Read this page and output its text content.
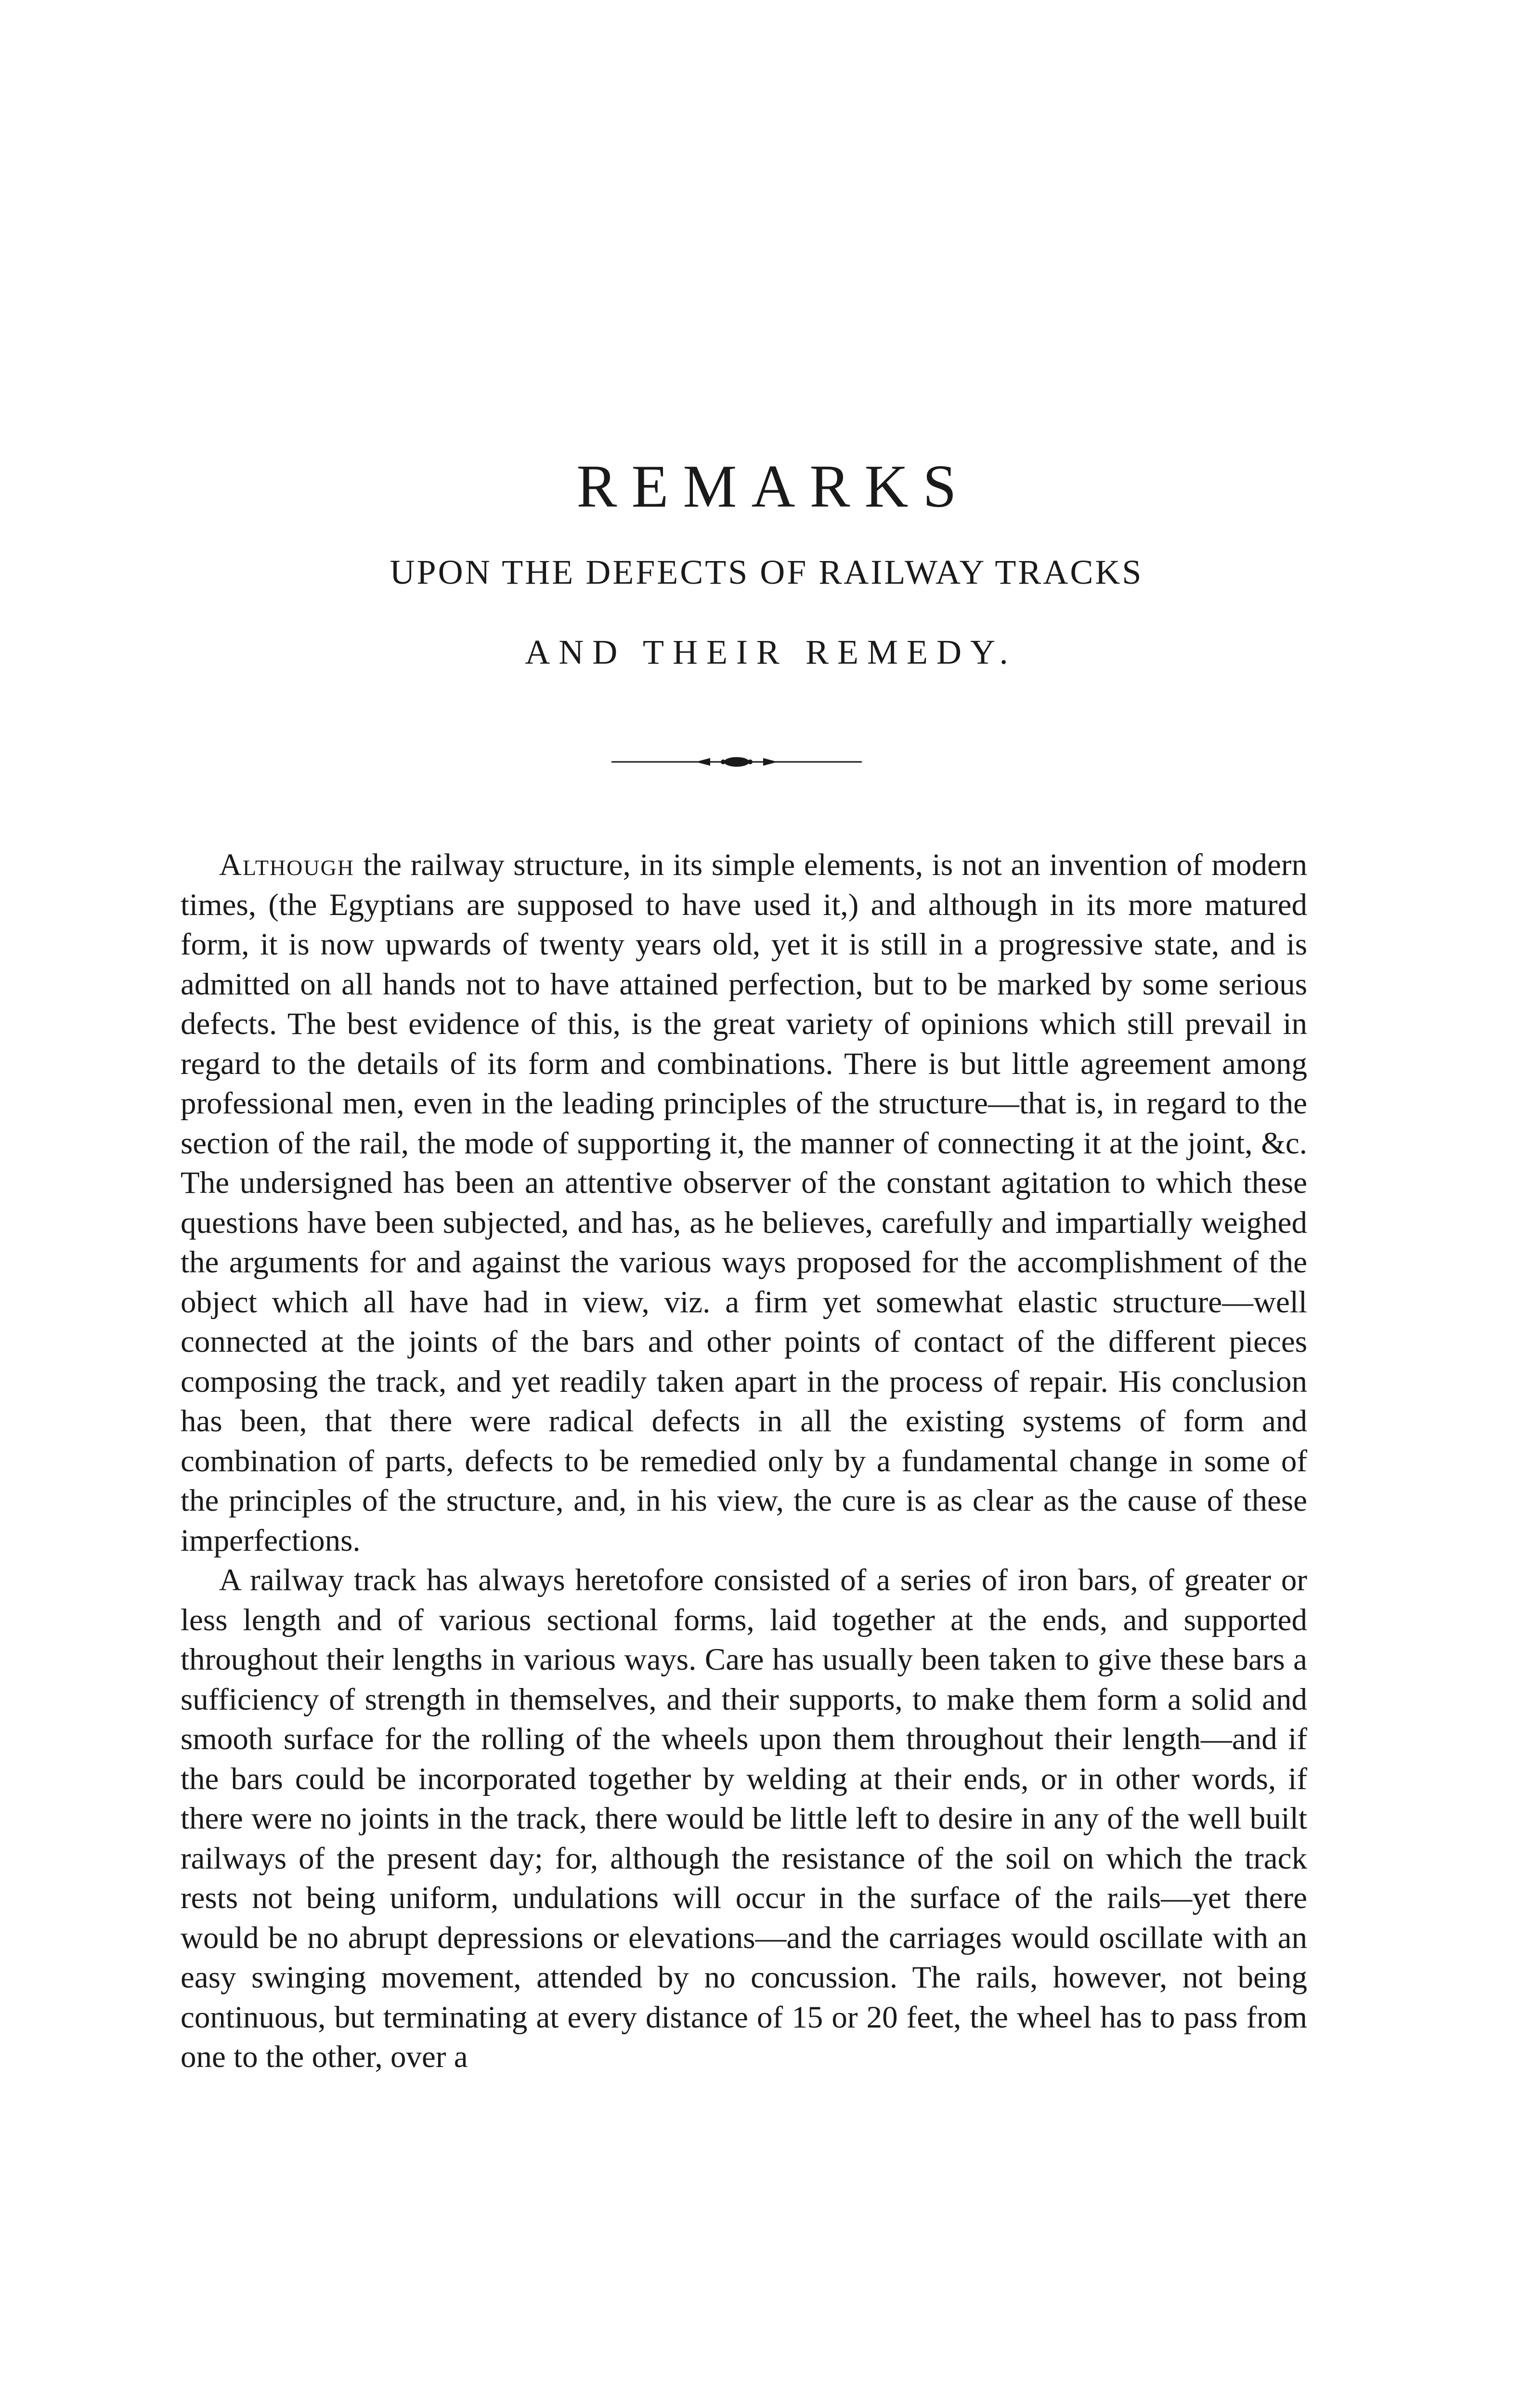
REMARKS
UPON THE DEFECTS OF RAILWAY TRACKS
AND THEIR REMEDY.

Although the railway structure, in its simple elements, is not an invention of modern times, (the Egyptians are supposed to have used it,) and although in its more matured form, it is now upwards of twenty years old, yet it is still in a progressive state, and is admitted on all hands not to have attained perfection, but to be marked by some serious defects. The best evidence of this, is the great variety of opinions which still prevail in regard to the details of its form and combinations. There is but little agreement among professional men, even in the leading principles of the structure—that is, in regard to the section of the rail, the mode of supporting it, the manner of connecting it at the joint, &c. The undersigned has been an attentive observer of the constant agitation to which these questions have been subjected, and has, as he believes, carefully and impartially weighed the arguments for and against the various ways proposed for the accomplishment of the object which all have had in view, viz. a firm yet somewhat elastic structure—well connected at the joints of the bars and other points of contact of the different pieces composing the track, and yet readily taken apart in the process of repair. His conclusion has been, that there were radical defects in all the existing systems of form and combination of parts, defects to be remedied only by a fundamental change in some of the principles of the structure, and, in his view, the cure is as clear as the cause of these imperfections.

A railway track has always heretofore consisted of a series of iron bars, of greater or less length and of various sectional forms, laid together at the ends, and supported throughout their lengths in various ways. Care has usually been taken to give these bars a sufficiency of strength in themselves, and their supports, to make them form a solid and smooth surface for the rolling of the wheels upon them throughout their length—and if the bars could be incorporated together by welding at their ends, or in other words, if there were no joints in the track, there would be little left to desire in any of the well built railways of the present day; for, although the resistance of the soil on which the track rests not being uniform, undulations will occur in the surface of the rails—yet there would be no abrupt depressions or elevations—and the carriages would oscillate with an easy swinging movement, attended by no concussion. The rails, however, not being continuous, but terminating at every distance of 15 or 20 feet, the wheel has to pass from one to the other, over a
